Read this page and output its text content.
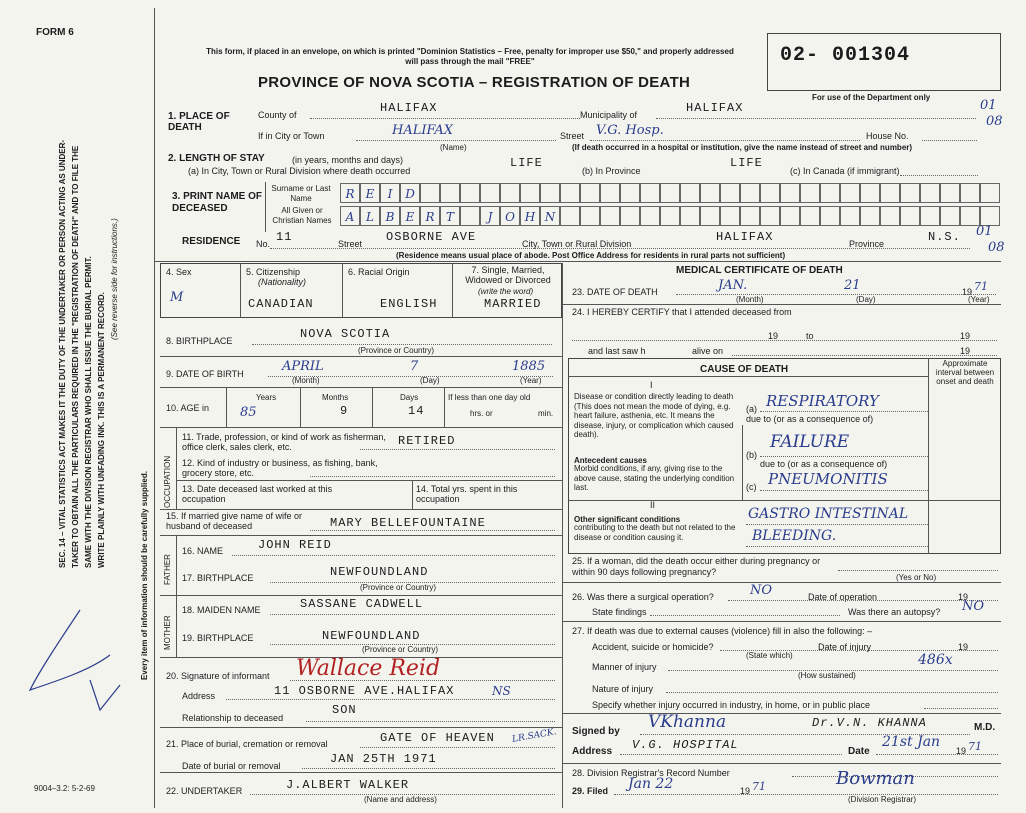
FORM 6
This form, if placed in an envelope, on which is printed "Dominion Statistics – Free, penalty for improper use $50," and properly addressed will pass through the mail "FREE"
PROVINCE OF NOVA SCOTIA – REGISTRATION OF DEATH
02- 001304
For use of the Department only
01
08
SEC. 14 – VITAL STATISTICS ACT MAKES IT THE DUTY OF THE UNDERTAKER OR PERSON ACTING AS UNDER- TAKER TO OBTAIN ALL THE PARTICULARS REQUIRED IN THE "REGISTRATION OF DEATH" AND TO FILE THE SAME WITH THE DIVISION REGISTRAR WHO SHALL ISSUE THE BURIAL PERMIT. WRITE PLAINLY WITH UNFADING INK. THIS IS A PERMANENT RECORD.
(See reverse side for instructions.)
Every item of information should be carefully supplied.
9004–3.2: 5-2-69
1. PLACE OF DEATH
County of	HALIFAX	Municipality of	HALIFAX
If in City or Town	HALIFAX
(Name)
Street V.G. Hosp.	House No.
(If death occurred in a hospital or institution, give the name instead of street and number)
2. LENGTH OF STAY	(in years, months and days)
(a) In City, Town or Rural Division where death occurred
LIFE
(b) In Province
LIFE
(c) In Canada (if immigrant)
3. PRINT NAME OF DECEASED
Surname or Last Name
All Given or Christian Names
R E	I	D
A L B E R T	J	O H N
RESIDENCE No. 11	Street OSBORNE AVE	City, Town or Rural Division	HALIFAX	Province	N.S. 01
08
(Residence means usual place of abode. Post Office Address for residents in rural parts not sufficient)
4. Sex
M
5. Citizenship
(Nationality)
CANADIAN
6. Racial Origin
ENGLISH
7. Single, Married, Widowed or Divorced
(write the word)
MARRIED
8. BIRTHPLACE	NOVA SCOTIA
(Province or Country)
9. DATE OF BIRTH	APRIL	7	1885
(Month)	(Day)	(Year)
10. AGE in
Years
85
Months
9
Days
14
If less than one day old
hrs. or	min.
OCCUPATION
11. Trade, profession, or kind of work as fisherman, office clerk, sales clerk, etc.	RETIRED
12. Kind of industry or business, as fishing, bank, grocery store, etc.
13. Date deceased last worked at this occupation
14. Total yrs. spent in this occupation
15. If married give name of wife or husband of deceased	MARY BELLEFOUNTAINE
FATHER
16. NAME	JOHN REID
17. BIRTHPLACE	NEWFOUNDLAND
(Province or Country)
MOTHER
18. MAIDEN NAME	SASSANE CADWELL
19. BIRTHPLACE	NEWFOUNDLAND
(Province or Country)
20. Signature of informant Wallace Reid
Address	11 OSBORNE AVE.HALIFAX	NS
SON
Relationship to deceased
21. Place of burial, cremation or removal	GATE OF HEAVEN LR.SACK.
Date of burial or removal	JAN 25TH 1971
22. UNDERTAKER	J.ALBERT WALKER
(Name and address)
MEDICAL CERTIFICATE OF DEATH
23. DATE OF DEATH	JAN.	21	19 71
(Month)	(Day)	(Year)
24. I HEREBY CERTIFY that I attended deceased from
19	to	19
and last saw h	alive on	19
CAUSE OF DEATH
Approximate interval between onset and death
I
Disease or condition directly leading to death (This does not mean the mode of dying, e.g. heart failure, asthenia, etc. It means the disease, injury, or complication which caused death).
(a) RESPIRATORY
due to (or as a consequence of)
Antecedent causes
Morbid conditions, if any, giving rise to the above cause, stating the underlying condition last.
(b)
FAILURE
due to (or as a consequence of)
(c) PNEUMONITIS
II
Other significant conditions
contributing to the death but not related to the disease or condition causing it.
GASTRO INTESTINAL
BLEEDING.
25. If a woman, did the death occur either during pregnancy or within 90 days following pregnancy?
(Yes or No)
26. Was there a surgical operation?	NO	Date of operation	19
State findings	Was there an autopsy? NO
27. If death was due to external causes (violence) fill in also the following: –
Accident, suicide or homicide?	Date of injury	19
(State which)
Manner of injury	486x
(How sustained)
Nature of injury
Specify whether injury occurred in industry, in home, or in public place
Signed by VKhanna	Dr.V.N. KHANNA	M.D.
Address V.G. HOSPITAL	Date
21st Jan
19 71
28. Division Registrar's Record Number
29. Filed Jan 22	19 71	Bowman
(Division Registrar)
